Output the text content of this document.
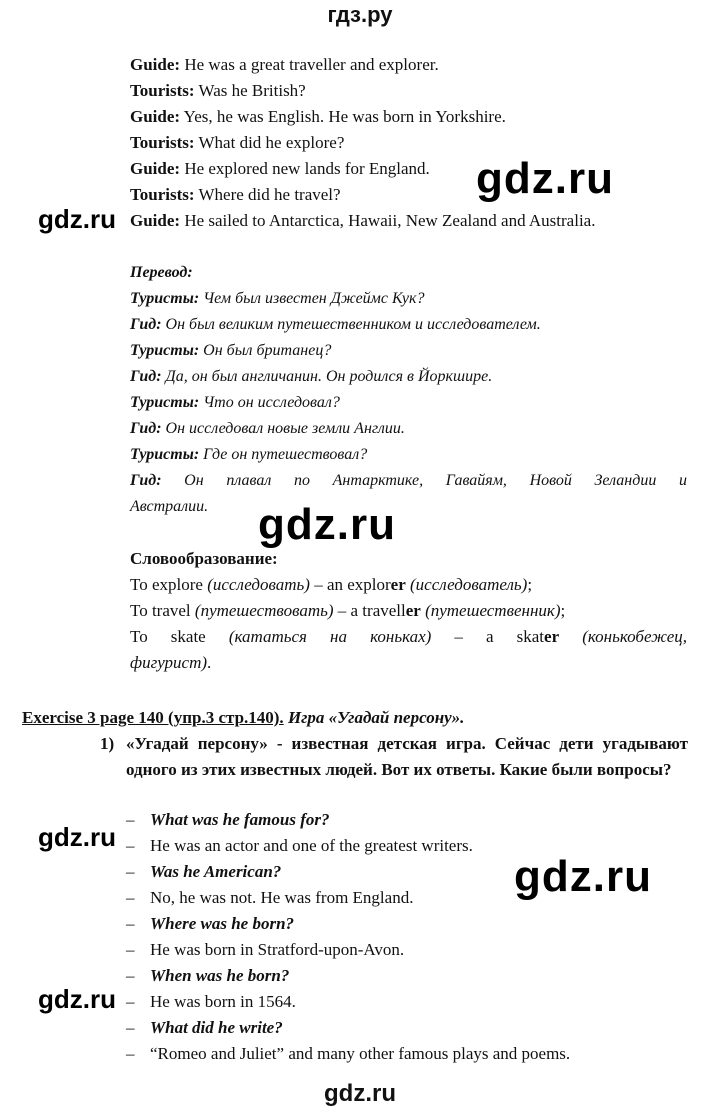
гдз.ру
Guide: He was a great traveller and explorer.
Tourists: Was he British?
Guide: Yes, he was English. He was born in Yorkshire.
Tourists: What did he explore?
Guide: He explored new lands for England.
Tourists: Where did he travel?
Guide: He sailed to Antarctica, Hawaii, New Zealand and Australia.
Перевод:
Туристы: Чем был известен Джеймс Кук?
Гид: Он был великим путешественником и исследователем.
Туристы: Он был британец?
Гид: Да, он был англичанин. Он родился в Йоркшире.
Туристы: Что он исследовал?
Гид: Он исследовал новые земли Англии.
Туристы: Где он путешествовал?
Гид: Он плавал по Антарктике, Гавайям, Новой Зеландии и
Австралии.
Словообразование:
To explore (исследовать) – an explorer (исследователь);
To travel (путешествовать) – a traveller (путешественник);
To skate (кататься на коньках) – a skater (конькобежец,
фигурист).
Exercise 3 page 140 (упр.3 стр.140). Игра «Угадай персону».
1) «Угадай персону» - известная детская игра. Сейчас дети угадывают одного из этих известных людей. Вот их ответы. Какие были вопросы?
– What was he famous for?
– He was an actor and one of the greatest writers.
– Was he American?
– No, he was not. He was from England.
– Where was he born?
– He was born in Stratford-upon-Avon.
– When was he born?
– He was born in 1564.
– What did he write?
– “Romeo and Juliet” and many other famous plays and poems.
gdz.ru
gdz.ru
gdz.ru
gdz.ru
gdz.ru
gdz.ru
gdz.ru
